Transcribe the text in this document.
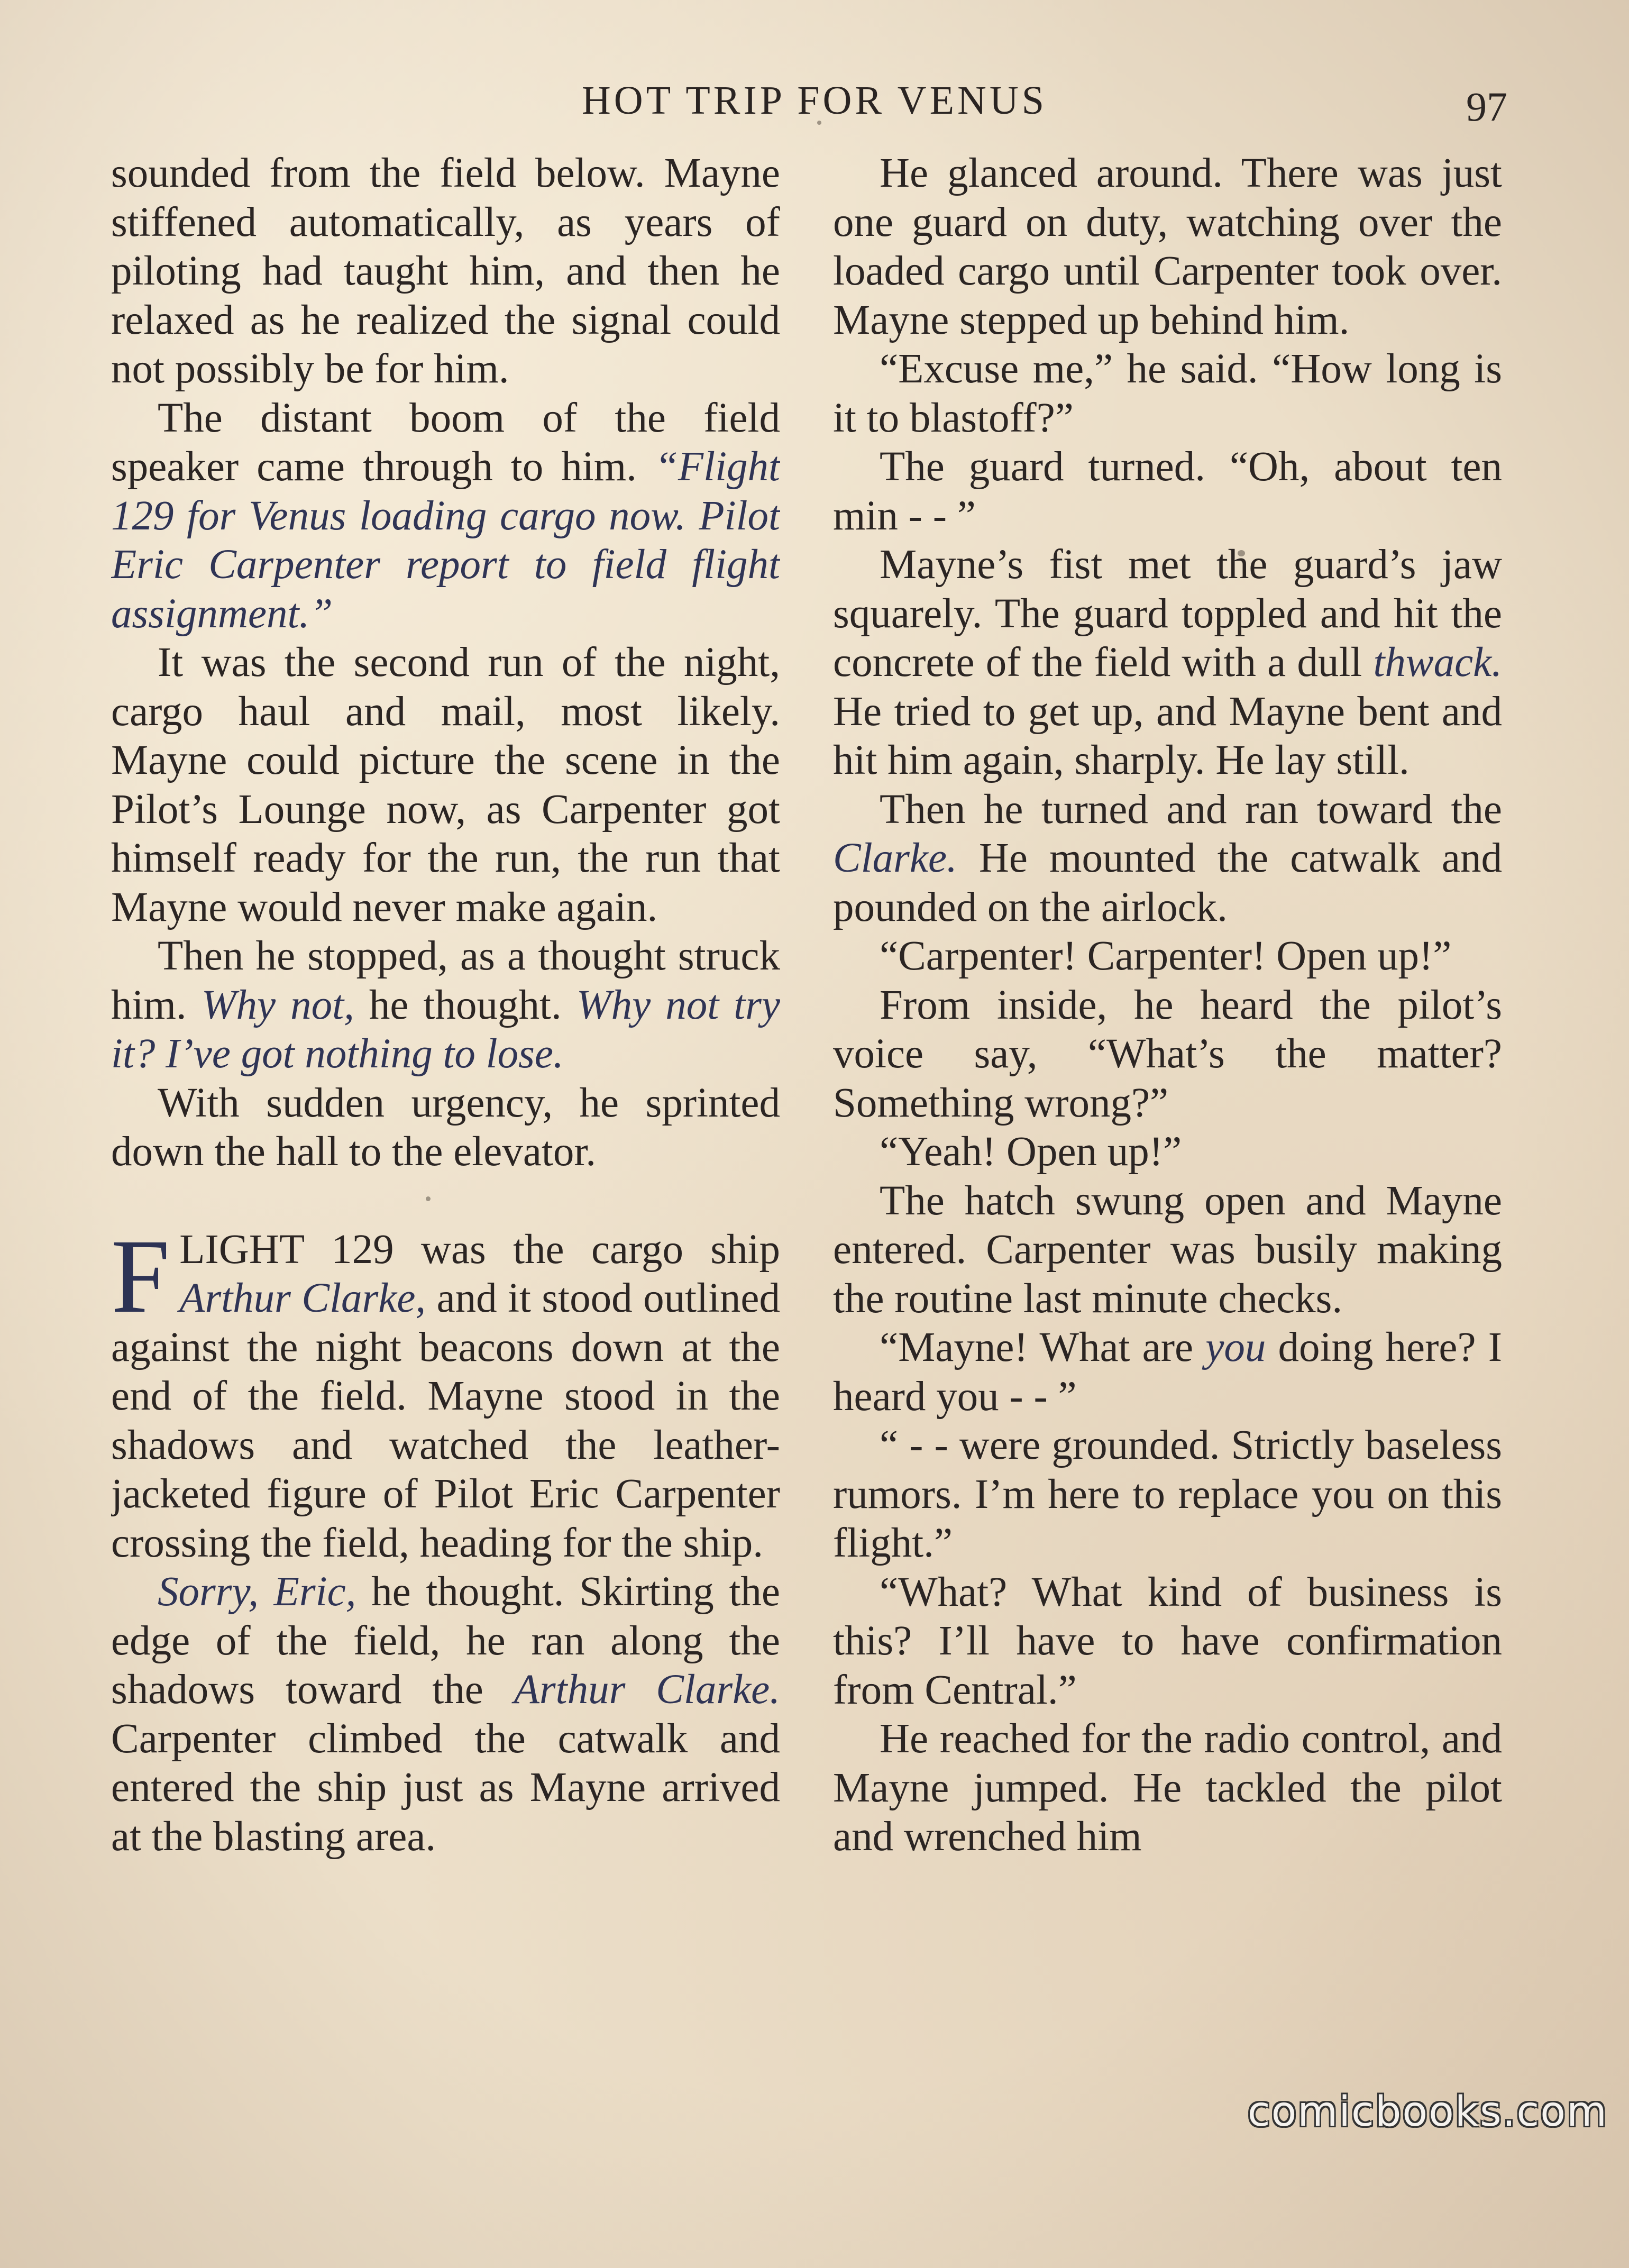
HOT TRIP FOR VENUS	97

sounded from the field below. Mayne stiffened automatically, as years of piloting had taught him, and then he relaxed as he realized the signal could not possibly be for him.

The distant boom of the field speaker came through to him. “Flight 129 for Venus loading cargo now. Pilot Eric Carpenter report to field flight assignment.”

It was the second run of the night, cargo haul and mail, most likely. Mayne could picture the scene in the Pilot’s Lounge now, as Carpenter got himself ready for the run, the run that Mayne would never make again.

Then he stopped, as a thought struck him. Why not, he thought. Why not try it? I’ve got nothing to lose.

With sudden urgency, he sprinted down the hall to the elevator.

FLIGHT 129 was the cargo ship Arthur Clarke, and it stood outlined against the night beacons down at the end of the field. Mayne stood in the shadows and watched the leather-jacketed figure of Pilot Eric Carpenter crossing the field, heading for the ship.

Sorry, Eric, he thought. Skirting the edge of the field, he ran along the shadows toward the Arthur Clarke. Carpenter climbed the catwalk and entered the ship just as Mayne arrived at the blasting area.

He glanced around. There was just one guard on duty, watching over the loaded cargo until Carpenter took over. Mayne stepped up behind him.

“Excuse me,” he said. “How long is it to blastoff?”

The guard turned. “Oh, about ten min - - ”

Mayne’s fist met the guard’s jaw squarely. The guard toppled and hit the concrete of the field with a dull thwack. He tried to get up, and Mayne bent and hit him again, sharply. He lay still.

Then he turned and ran toward the Clarke. He mounted the catwalk and pounded on the airlock.

“Carpenter! Carpenter! Open up!”

From inside, he heard the pilot’s voice say, “What’s the matter? Something wrong?”

“Yeah! Open up!”

The hatch swung open and Mayne entered. Carpenter was busily making the routine last minute checks.

“Mayne! What are you doing here? I heard you - - ”

“ - - were grounded. Strictly baseless rumors. I’m here to replace you on this flight.”

“What? What kind of business is this? I’ll have to have confirmation from Central.”

He reached for the radio control, and Mayne jumped. He tackled the pilot and wrenched him

comicbooks.com
